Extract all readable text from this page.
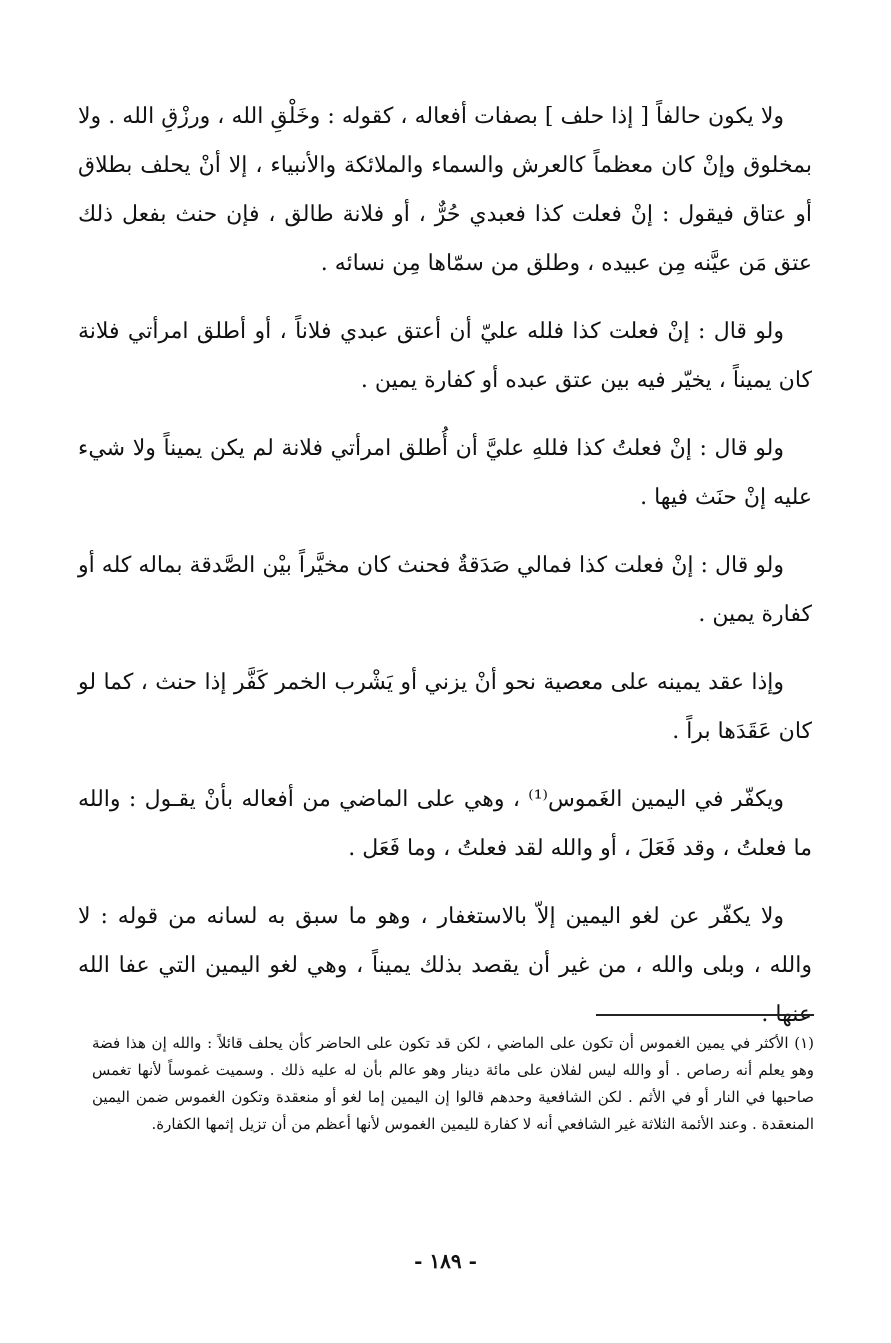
ولا يكون حالفاً [ إذا حلف ] بصفات أفعاله ، كقوله : وخَلْقِ الله ، ورزْقِ الله . ولا بمخلوق وإنْ كان معظماً كالعرش والسماء والملائكة والأنبياء ، إلا أنْ يحلف بطلاق أو عتاق فيقول : إنْ فعلت كذا فعبدي حُرٌّ ، أو فلانة طالق ، فإن حنث بفعل ذلك عتق مَن عيَّنه مِن عبيده ، وطلق من سمّاها مِن نسائه .

ولو قال : إنْ فعلت كذا فلله عليّ أن أعتق عبدي فلاناً ، أو أطلق امرأتي فلانة كان يميناً ، يخيّر فيه بين عتق عبده أو كفارة يمين .

ولو قال : إنْ فعلتُ كذا فللهِ عليَّ أن أُطلق امرأتي فلانة لم يكن يميناً ولا شيء عليه إنْ حنَث فيها .

ولو قال : إنْ فعلت كذا فمالي صَدَقةٌ فحنث كان مخيَّراً بيْن الصَّدقة بماله كله أو كفارة يمين .

وإذا عقد يمينه على معصية نحو أنْ يزني أو يَشْرب الخمر كَفَّر إذا حنث ، كما لو كان عَقَدَها براً .

ويكفّر في اليمين الغَموس⁽¹⁾ ، وهي على الماضي من أفعاله بأنْ يقـول : والله ما فعلتُ ، وقد فَعَلَ ، أو والله لقد فعلتُ ، وما فَعَل .

ولا يكفّر عن لغو اليمين إلاّ بالاستغفار ، وهو ما سبق به لسانه من قوله : لا والله ، وبلى والله ، من غير أن يقصد بذلك يميناً ، وهي لغو اليمين التي عفا الله عنها .

(١) الأكثر في يمين الغموس أن تكون على الماضي ، لكن قد تكون على الحاضر كأن يحلف قائلاً : والله إن هذا فضة وهو يعلم أنه رصاص . أو والله ليس لفلان على مائة دينار وهو عالم بأن له عليه ذلك . وسميت غموساً لأنها تغمس صاحبها في النار أو في الأثم . لكن الشافعية وحدهم قالوا إن اليمين إما لغو أو منعقدة وتكون الغموس ضمن اليمين المنعقدة . وعند الأئمة الثلاثة غير الشافعي أنه لا كفارة لليمين الغموس لأنها أعظم من أن تزيل إثمها الكفارة.

- ١٨٩ -
